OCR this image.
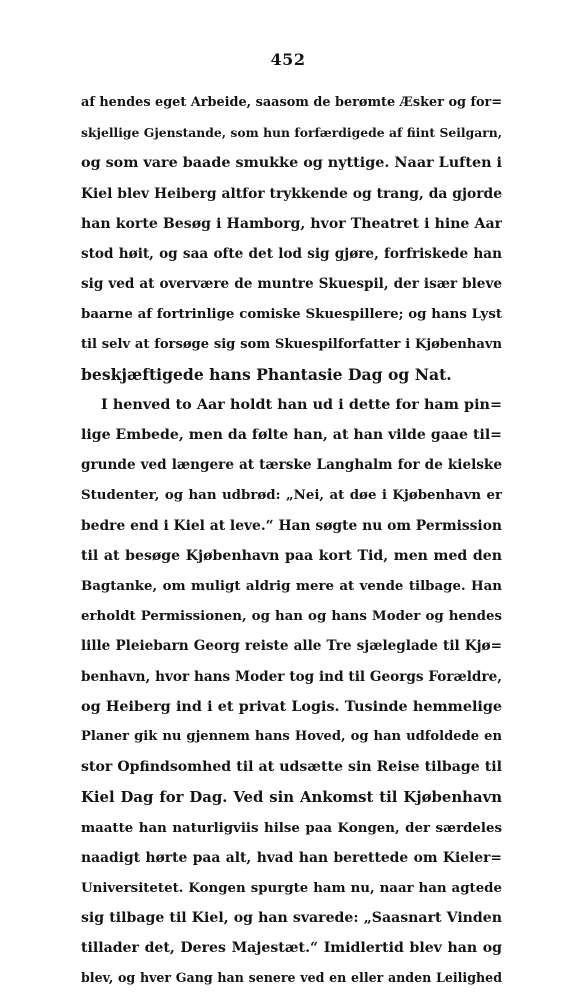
452
af hendes eget Arbeide, saasom de berømte Æsker og for=
skjellige Gjenstande, som hun forfærdigede af fiint Seilgarn,
og som vare baade smukke og nyttige. Naar Luften i
Kiel blev Heiberg altfor trykkende og trang, da gjorde
han korte Besøg i Hamborg, hvor Theatret i hine Aar
stod høit, og saa ofte det lod sig gjøre, forfriskede han
sig ved at overvære de muntre Skuespil, der især bleve
baarne af fortrinlige comiske Skuespillere; og hans Lyst
til selv at forsøge sig som Skuespilforfatter i Kjøbenhavn
beskjæftigede hans Phantasie Dag og Nat.
I henved to Aar holdt han ud i dette for ham pin=
lige Embede, men da følte han, at han vilde gaae til=
grunde ved længere at tærske Langhalm for de kielske
Studenter, og han udbrød: „Nei, at døe i Kjøbenhavn er
bedre end i Kiel at leve.“ Han søgte nu om Permission
til at besøge Kjøbenhavn paa kort Tid, men med den
Bagtanke, om muligt aldrig mere at vende tilbage. Han
erholdt Permissionen, og han og hans Moder og hendes
lille Pleiebarn Georg reiste alle Tre sjæleglade til Kjø=
benhavn, hvor hans Moder tog ind til Georgs Forældre,
og Heiberg ind i et privat Logis. Tusinde hemmelige
Planer gik nu gjennem hans Hoved, og han udfoldede en
stor Opfindsomhed til at udsætte sin Reise tilbage til
Kiel Dag for Dag. Ved sin Ankomst til Kjøbenhavn
maatte han naturligviis hilse paa Kongen, der særdeles
naadigt hørte paa alt, hvad han berettede om Kieler=
Universitetet. Kongen spurgte ham nu, naar han agtede
sig tilbage til Kiel, og han svarede: „Saasnart Vinden
tillader det, Deres Majestæt.“ Imidlertid blev han og
blev, og hver Gang han senere ved en eller anden Leilighed
